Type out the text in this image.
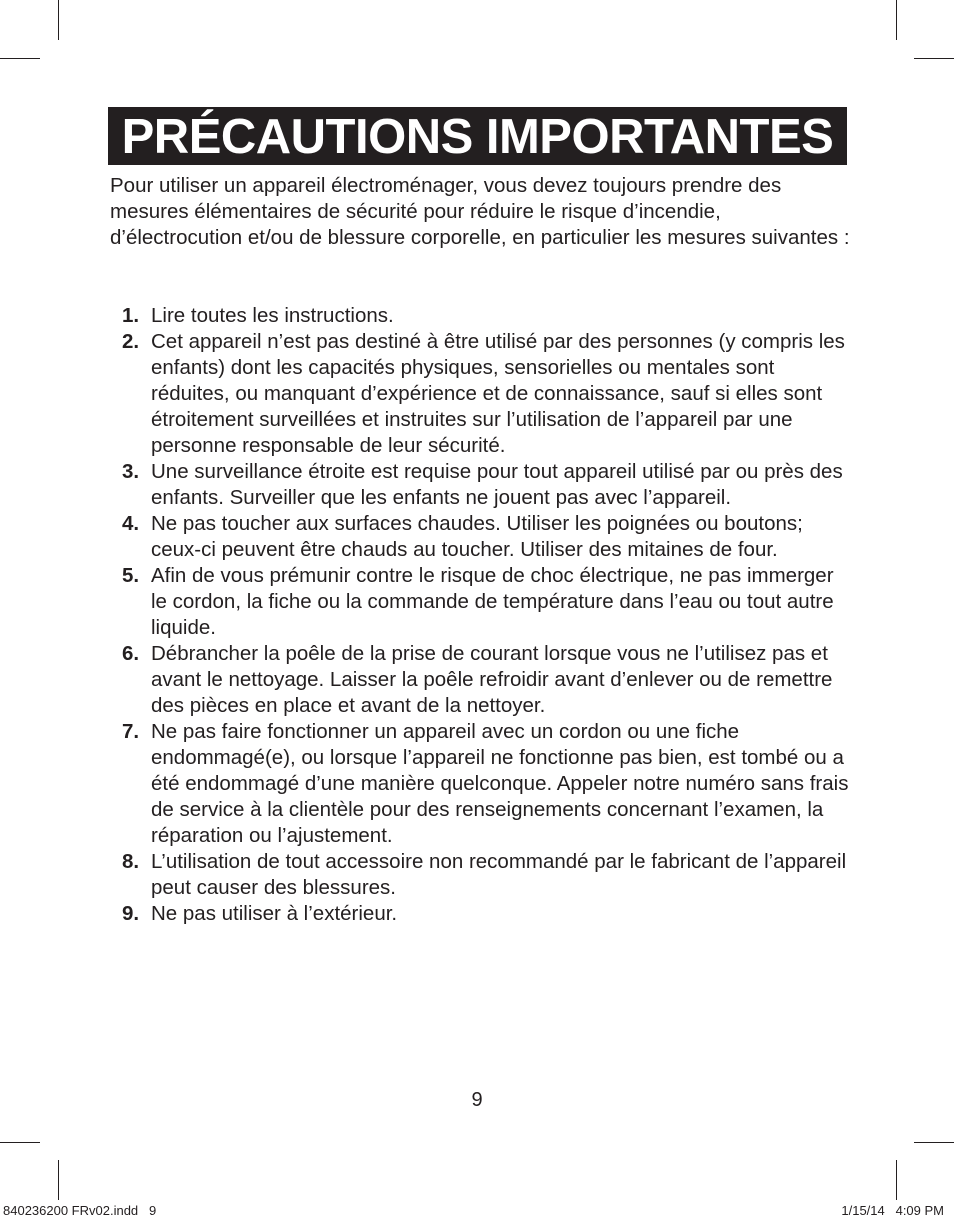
PRÉCAUTIONS IMPORTANTES

Pour utiliser un appareil électroménager, vous devez toujours prendre des mesures élémentaires de sécurité pour réduire le risque d’incendie, d’électrocution et/ou de blessure corporelle, en particulier les mesures suivantes :

1. Lire toutes les instructions.
2. Cet appareil n’est pas destiné à être utilisé par des personnes (y compris les enfants) dont les capacités physiques, sensorielles ou mentales sont réduites, ou manquant d’expérience et de connaissance, sauf si elles sont étroitement surveillées et instruites sur l’utilisation de l’appareil par une personne responsable de leur sécurité.
3. Une surveillance étroite est requise pour tout appareil utilisé par ou près des enfants. Surveiller que les enfants ne jouent pas avec l’appareil.
4. Ne pas toucher aux surfaces chaudes. Utiliser les poignées ou boutons; ceux-ci peuvent être chauds au toucher. Utiliser des mitaines de four.
5. Afin de vous prémunir contre le risque de choc électrique, ne pas immerger le cordon, la fiche ou la commande de température dans l’eau ou tout autre liquide.
6. Débrancher la poêle de la prise de courant lorsque vous ne l’utilisez pas et avant le nettoyage. Laisser la poêle refroidir avant d’enlever ou de remettre des pièces en place et avant de la nettoyer.
7. Ne pas faire fonctionner un appareil avec un cordon ou une fiche endommagé(e), ou lorsque l’appareil ne fonctionne pas bien, est tombé ou a été endommagé d’une manière quelconque. Appeler notre numéro sans frais de service à la clientèle pour des renseignements concernant l’examen, la réparation ou l’ajustement.
8. L’utilisation de tout accessoire non recommandé par le fabricant de l’appareil peut causer des blessures.
9. Ne pas utiliser à l’extérieur.
9
840236200 FRv02.indd   9	1/15/14   4:09 PM
